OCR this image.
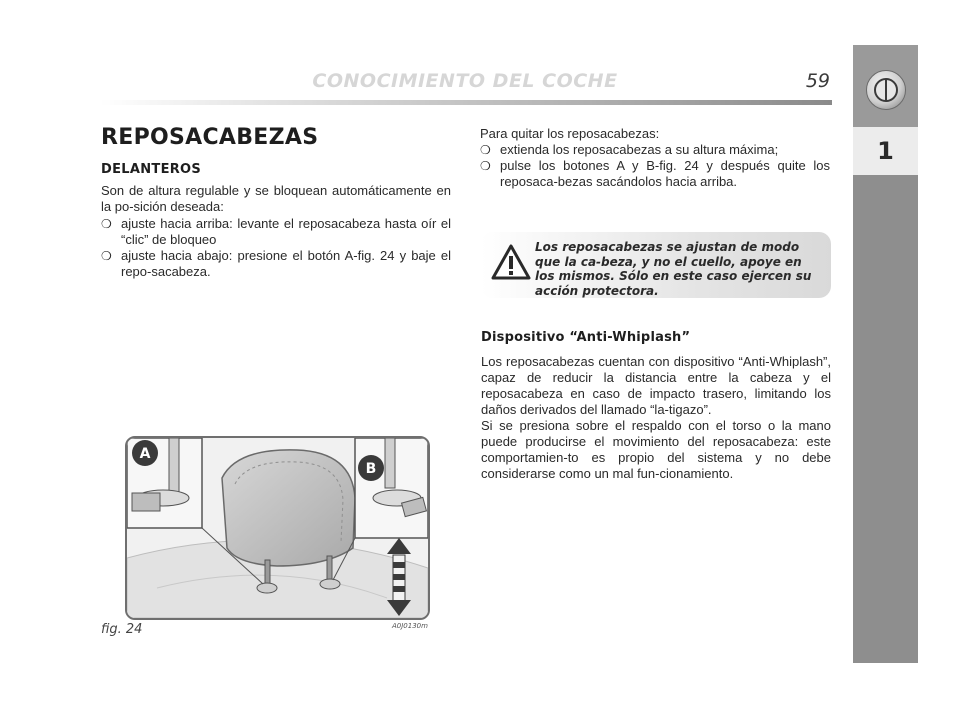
CONOCIMIENTO DEL COCHE	59
1
REPOSACABEZAS
DELANTEROS
Son de altura regulable y se bloquean automáticamente en la po-sición deseada:
❍ ajuste hacia arriba: levante el reposacabeza hasta oír el “clic” de bloqueo
❍ ajuste hacia abajo: presione el botón A-fig. 24 y baje el repo-sacabeza.
A
B
fig. 24	A0J0130m
Para quitar los reposacabezas:
❍ extienda los reposacabezas a su altura máxima;
❍ pulse los botones A y B-fig. 24 y después quite los reposaca-bezas sacándolos hacia arriba.
Los reposacabezas se ajustan de modo que la ca-beza, y no el cuello, apoye en los mismos. Sólo en este caso ejercen su acción protectora.
Dispositivo “Anti-Whiplash”
Los reposacabezas cuentan con dispositivo “Anti-Whiplash”, capaz de reducir la distancia entre la cabeza y el reposacabeza en caso de impacto trasero, limitando los daños derivados del llamado “la-tigazo”.
Si se presiona sobre el respaldo con el torso o la mano puede producirse el movimiento del reposacabeza: este comportamien-to es propio del sistema y no debe considerarse como un mal fun-cionamiento.
